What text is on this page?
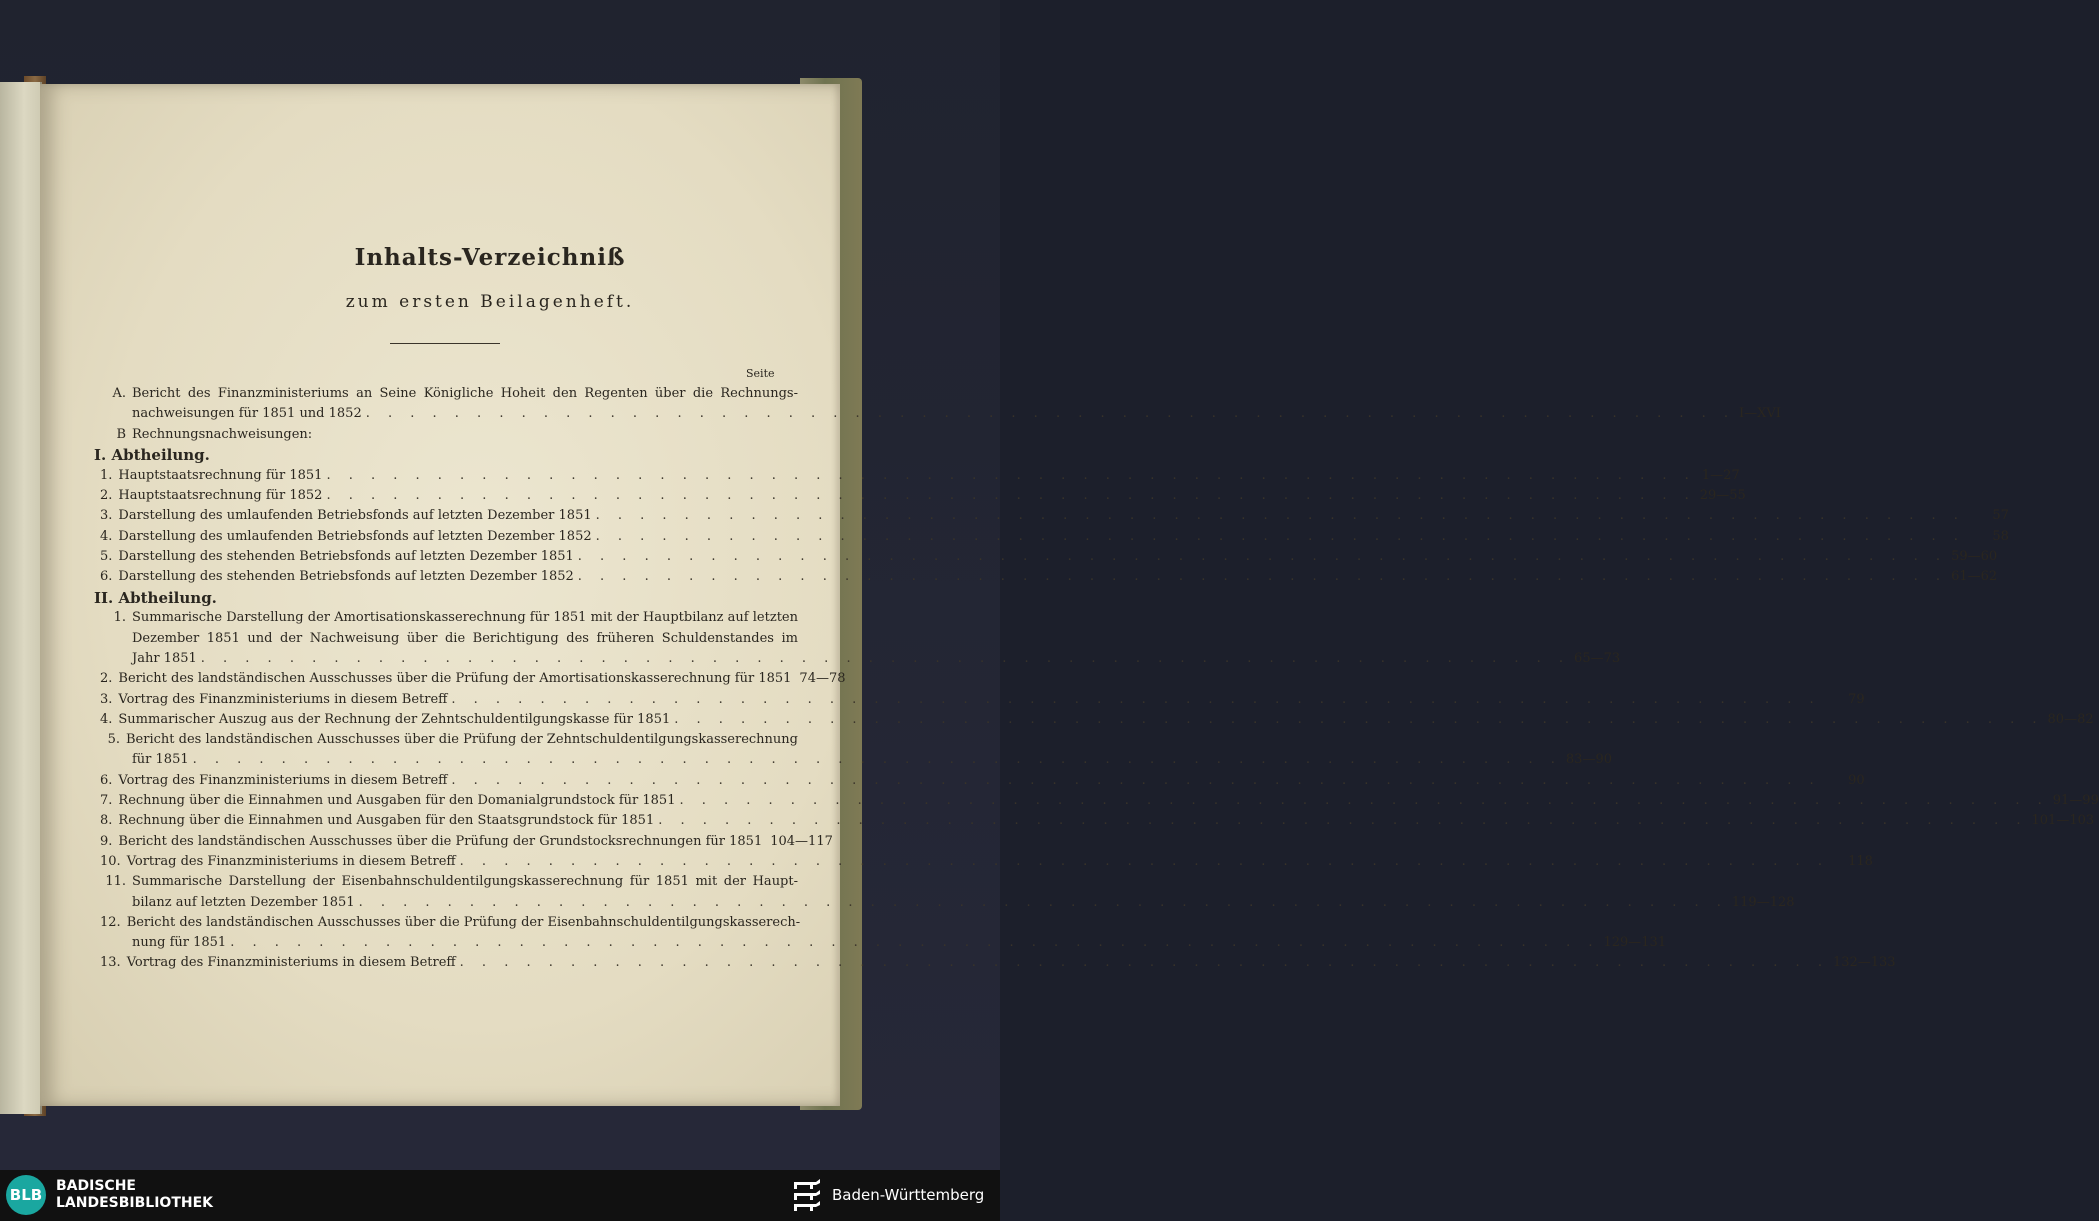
Inhalts-Verzeichniß
zum ersten Beilagenheft.
Seite
A. Bericht des Finanzministeriums an Seine Königliche Hoheit den Regenten über die Rechnungs-
nachweisungen für 1851 und 1852 . . . . . . . . . . . . . . . . . . . . . . . . . . . . . . . . . . . . . . . . . . . . . . . . . . . . . . . . . . . . . . I—XVI
B Rechnungsnachweisungen:
I. Abtheilung.
1. Hauptstaatsrechnung für 1851 . . . . . . . . . . . . . . . . . . . . . . . . . . . . . . . . . . . . . . . . . . . . . . . . . . . . . . . . . . . . . . 1—27
2. Hauptstaatsrechnung für 1852 . . . . . . . . . . . . . . . . . . . . . . . . . . . . . . . . . . . . . . . . . . . . . . . . . . . . . . . . . . . . . . 29—55
3. Darstellung des umlaufenden Betriebsfonds auf letzten Dezember 1851 . . . . . . . . . . . . . . . . . . . . . . . . . . . . . . . . . . . . . . . . . . . . . . . . . . . . . . . . . . . . . .	57
4. Darstellung des umlaufenden Betriebsfonds auf letzten Dezember 1852 . . . . . . . . . . . . . . . . . . . . . . . . . . . . . . . . . . . . . . . . . . . . . . . . . . . . . . . . . . . . . .	58
5. Darstellung des stehenden Betriebsfonds auf letzten Dezember 1851 . . . . . . . . . . . . . . . . . . . . . . . . . . . . . . . . . . . . . . . . . . . . . . . . . . . . . . . . . . . . . . 59—60
6. Darstellung des stehenden Betriebsfonds auf letzten Dezember 1852 . . . . . . . . . . . . . . . . . . . . . . . . . . . . . . . . . . . . . . . . . . . . . . . . . . . . . . . . . . . . . . 61—62
II. Abtheilung.
1. Summarische Darstellung der Amortisationskasserechnung für 1851 mit der Hauptbilanz auf letzten
Dezember 1851 und der Nachweisung über die Berichtigung des früheren Schuldenstandes im
Jahr 1851 . . . . . . . . . . . . . . . . . . . . . . . . . . . . . . . . . . . . . . . . . . . . . . . . . . . . . . . . . . . . . . 65—73
2. Bericht des landständischen Ausschusses über die Prüfung der Amortisationskasserechnung für 1851 74—78
3. Vortrag des Finanzministeriums in diesem Betreff . . . . . . . . . . . . . . . . . . . . . . . . . . . . . . . . . . . . . . . . . . . . . . . . . . . . . . . . . . . . . .	79
4. Summarischer Auszug aus der Rechnung der Zehntschuldentilgungskasse für 1851 . . . . . . . . . . . . . . . . . . . . . . . . . . . . . . . . . . . . . . . . . . . . . . . . . . . . . . . . . . . . . . 80—82
5. Bericht des landständischen Ausschusses über die Prüfung der Zehntschuldentilgungskasserechnung
für 1851 . . . . . . . . . . . . . . . . . . . . . . . . . . . . . . . . . . . . . . . . . . . . . . . . . . . . . . . . . . . . . . 83—90
6. Vortrag des Finanzministeriums in diesem Betreff . . . . . . . . . . . . . . . . . . . . . . . . . . . . . . . . . . . . . . . . . . . . . . . . . . . . . . . . . . . . . .	90
7. Rechnung über die Einnahmen und Ausgaben für den Domanialgrundstock für 1851 . . . . . . . . . . . . . . . . . . . . . . . . . . . . . . . . . . . . . . . . . . . . . . . . . . . . . . . . . . . . . . 91—99
8. Rechnung über die Einnahmen und Ausgaben für den Staatsgrundstock für 1851 . . . . . . . . . . . . . . . . . . . . . . . . . . . . . . . . . . . . . . . . . . . . . . . . . . . . . . . . . . . . . . 101—103
9. Bericht des landständischen Ausschusses über die Prüfung der Grundstocksrechnungen für 1851 104—117
10. Vortrag des Finanzministeriums in diesem Betreff . . . . . . . . . . . . . . . . . . . . . . . . . . . . . . . . . . . . . . . . . . . . . . . . . . . . . . . . . . . . . .	118
11. Summarische Darstellung der Eisenbahnschuldentilgungskasserechnung für 1851 mit der Haupt-
bilanz auf letzten Dezember 1851 . . . . . . . . . . . . . . . . . . . . . . . . . . . . . . . . . . . . . . . . . . . . . . . . . . . . . . . . . . . . . . 119—128
12. Bericht des landständischen Ausschusses über die Prüfung der Eisenbahnschuldentilgungskasserech-
nung für 1851 . . . . . . . . . . . . . . . . . . . . . . . . . . . . . . . . . . . . . . . . . . . . . . . . . . . . . . . . . . . . . . 129—131
13. Vortrag des Finanzministeriums in diesem Betreff . . . . . . . . . . . . . . . . . . . . . . . . . . . . . . . . . . . . . . . . . . . . . . . . . . . . . . . . . . . . . . 132—133
BLB BADISCHE
LANDESBIBLIOTHEK	Baden-Württemberg
